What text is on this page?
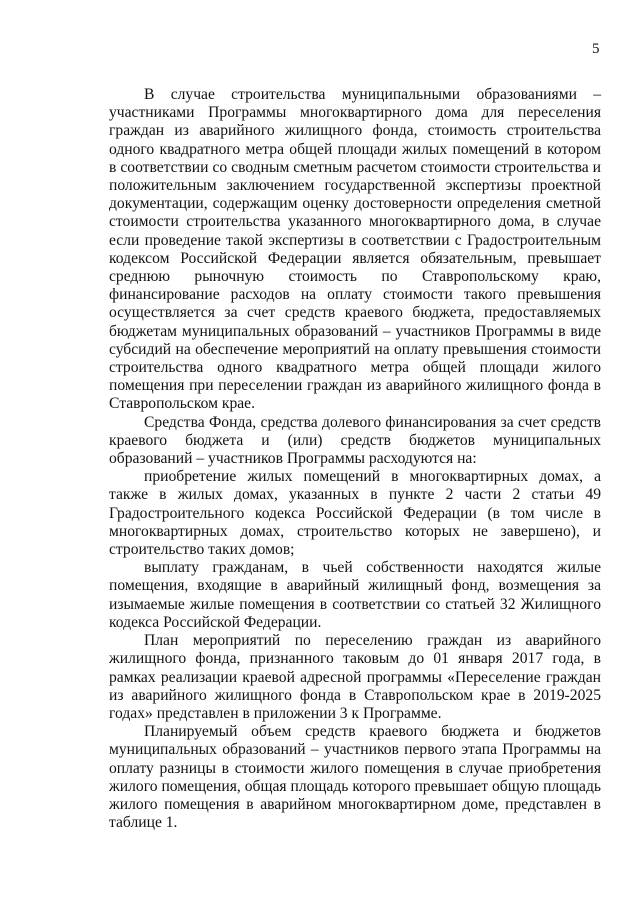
5

В случае строительства муниципальными образованиями – участниками Программы многоквартирного дома для переселения граждан из аварийного жилищного фонда, стоимость строительства одного квадратного метра общей площади жилых помещений в котором в соответствии со сводным сметным расчетом стоимости строительства и положительным заключением государственной экспертизы проектной документации, содержащим оценку достоверности определения сметной стоимости строительства указанного многоквартирного дома, в случае если проведение такой экспертизы в соответствии с Градостроительным кодексом Российской Федерации является обязательным, превышает среднюю рыночную стоимость по Ставропольскому краю, финансирование расходов на оплату стоимости такого превышения осуществляется за счет средств краевого бюджета, предоставляемых бюджетам муниципальных образований – участников Программы в виде субсидий на обеспечение мероприятий на оплату превышения стоимости строительства одного квадратного метра общей площади жилого помещения при переселении граждан из аварийного жилищного фонда в Ставропольском крае.

Средства Фонда, средства долевого финансирования за счет средств краевого бюджета и (или) средств бюджетов муниципальных образований – участников Программы расходуются на:

приобретение жилых помещений в многоквартирных домах, а также в жилых домах, указанных в пункте 2 части 2 статьи 49 Градостроительного кодекса Российской Федерации (в том числе в многоквартирных домах, строительство которых не завершено), и строительство таких домов;

выплату гражданам, в чьей собственности находятся жилые помещения, входящие в аварийный жилищный фонд, возмещения за изымаемые жилые помещения в соответствии со статьей 32 Жилищного кодекса Российской Федерации.

План мероприятий по переселению граждан из аварийного жилищного фонда, признанного таковым до 01 января 2017 года, в рамках реализации краевой адресной программы «Переселение граждан из аварийного жилищного фонда в Ставропольском крае в 2019-2025 годах» представлен в приложении 3 к Программе.

Планируемый объем средств краевого бюджета и бюджетов муниципальных образований – участников первого этапа Программы на оплату разницы в стоимости жилого помещения в случае приобретения жилого помещения, общая площадь которого превышает общую площадь жилого помещения в аварийном многоквартирном доме, представлен в таблице 1.
